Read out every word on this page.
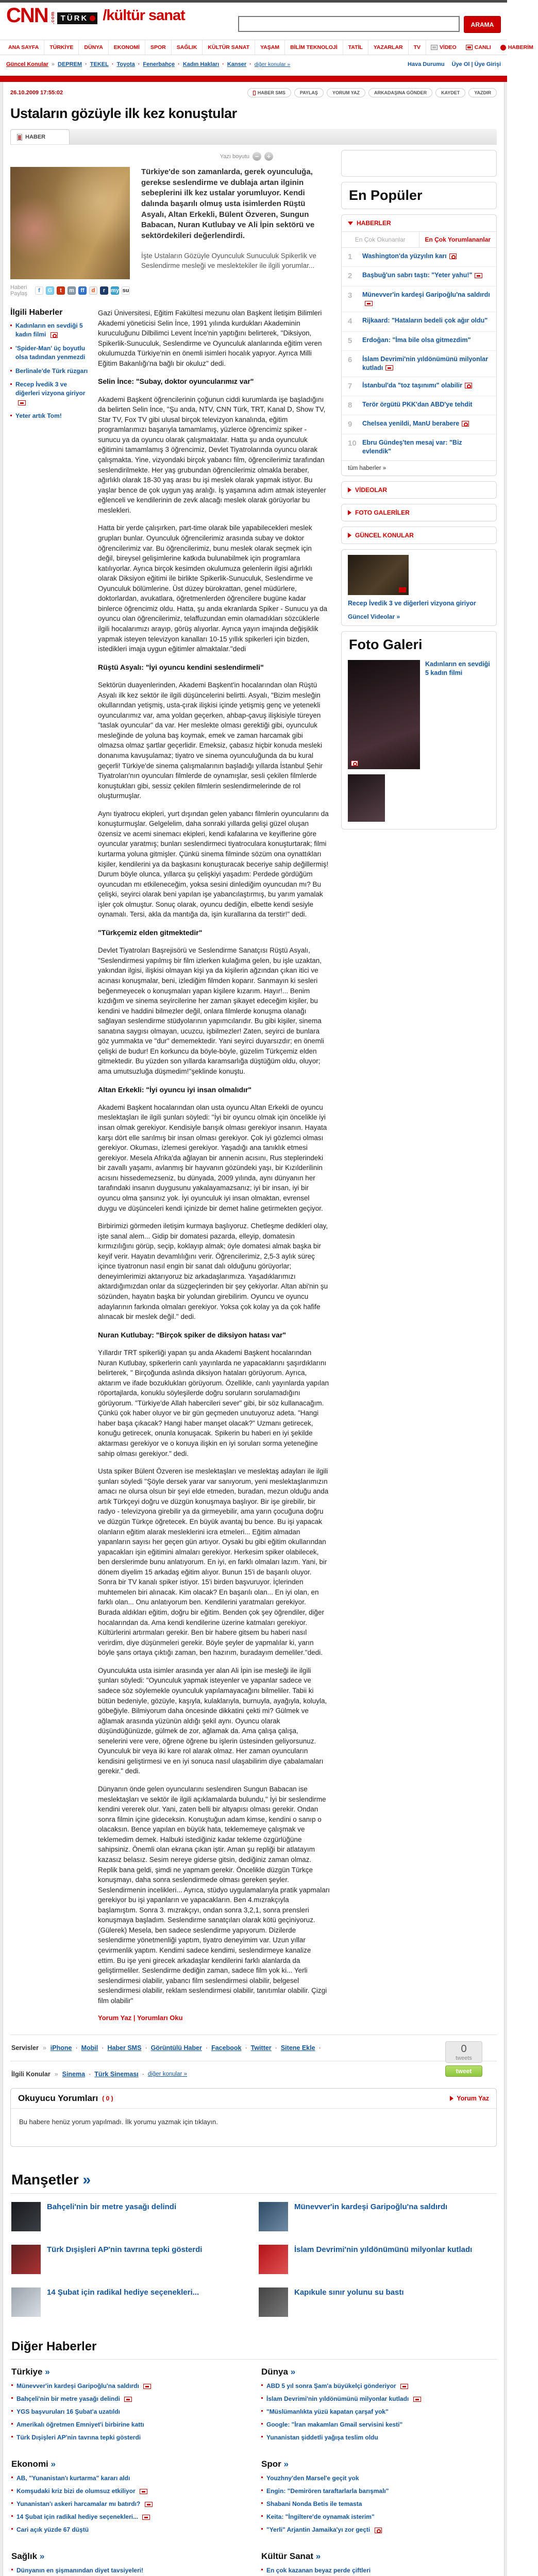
CNN .com TÜRK /kültür sanat
ARAMA
ANA SAYFA	TÜRKİYE	DÜNYA	EKONOMİ	SPOR	SAĞLIK	KÜLTÜR SANAT	YAŞAM	BİLİM TEKNOLOJİ	TATİL	YAZARLAR	TV	VİDEO	CANLI	HABERİM
Güncel Konular » DEPREM · TEKEL · Toyota · Fenerbahçe · Kadın Hakları · Kanser · diğer konular »	Hava Durumu Üye Ol | Üye Girişi
26.10.2009 17:55:02	HABER SMS	PAYLAŞ	YORUM YAZ	ARKADAŞINA GÖNDER	KAYDET	YAZDIR
Ustaların gözüyle ilk kez konuştular
HABER
Yazı boyutu −	+
Haberi Paylaş	f	G	t	m	ff	d	r my su
Türkiye'de son zamanlarda, gerek oyunculuğa, gerekse seslendirme ve dublaja artan ilginin sebeplerini ilk kez ustalar yorumluyor. Kendi dalında başarılı olmuş usta isimlerden Rüştü Asyalı, Altan Erkekli, Bülent Özveren, Sungun Babacan, Nuran Kutlubay ve Ali İpin sektörü ve sektördekileri değerlendirdi.
İşte Ustaların Gözüyle Oyunculuk Sunuculuk Spikerlik ve Seslendirme mesleği ve meslektekiler ile ilgili yorumlar...
İlgili Haberler
Kadınların en sevdiği 5 kadın filmi
'Spider-Man' üç boyutlu olsa tadından yenmezdi
Berlinale'de Türk rüzgarı
Recep İvedik 3 ve diğerleri vizyona giriyor
Yeter artık Tom!

Gazi Üniversitesi, Eğitim Fakültesi mezunu olan Başkent İletişim Bilimleri Akademi yöneticisi Selin İnce, 1991 yılında kurdukları Akademinin kuruculuğunu Dilbilimci Levent İnce'nin yaptığını belirterek, ''Diksiyon, Spikerlik-Sunuculuk, Seslendirme ve Oyunculuk alanlarında eğitim veren okulumuzda Türkiye'nin en önemli isimleri hocalık yapıyor. Ayrıca Milli Eğitim Bakanlığı'na bağlı bir okuluz'' dedi.

Selin İnce: "Subay, doktor oyuncularımız var"

Akademi Başkent öğrencilerinin çoğunun ciddi kurumlarda işe başladığını da belirten Selin İnce, ''Şu anda, NTV, CNN Türk, TRT, Kanal D, Show TV, Star TV, Fox TV gibi ulusal birçok televizyon kanalında, eğitim programlarımızı başarıyla tamamlamış, yüzlerce öğrencimiz spiker - sunucu ya da oyuncu olarak çalışmaktalar. Hatta şu anda oyunculuk eğitimini tamamlamış 3 öğrencimiz, Devlet Tiyatrolarında oyuncu olarak çalışmakta. Yine, vizyondaki birçok yabancı film, öğrencilerimiz tarafından seslendirilmekte. Her yaş grubundan öğrencilerimiz olmakla beraber, ağırlıklı olarak 18-30 yaş arası bu işi meslek olarak yapmak istiyor. Bu yaşlar bence de çok uygun yaş aralığı. İş yaşamına adım atmak isteyenler eğlenceli ve kendilerinin de zevk alacağı meslek olarak görüyorlar bu meslekleri.

Hatta bir yerde çalışırken, part-time olarak bile yapabilecekleri meslek grupları bunlar. Oyunculuk öğrencilerimiz arasında subay ve doktor öğrencilerimiz var. Bu öğrencilerimiz, bunu meslek olarak seçmek için değil, bireysel gelişimlerine katkıda bulunabilmek için programlara katılıyorlar. Ayrıca birçok kesimden okulumuza gelenlerin ilgisi ağırlıklı olarak Diksiyon eğitimi ile birlikte Spikerlik-Sunuculuk, Seslendirme ve Oyunculuk bölümlerine. Üst düzey bürokrattan, genel müdürlere, doktorlardan, avukatlara, öğretmenlerden öğrencilere bugüne kadar binlerce öğrencimiz oldu. Hatta, şu anda ekranlarda Spiker - Sunucu ya da oyuncu olan öğrencilerimiz, telaffuzundan emin olamadıkları sözcüklerle ilgili hocalarımızı arayıp, görüş alıyorlar. Ayrıca yayın imajında değişiklik yapmak isteyen televizyon kanalları 10-15 yıllık spikerleri için bizden, istedikleri imaja uygun eğitimler almaktalar.''dedi

Rüştü Asyalı: "İyi oyuncu kendini seslendirmeli"

Sektörün duayenlerinden, Akademi Başkent'in hocalarından olan Rüştü Asyalı ilk kez sektör ile ilgili düşüncelerini belirtti. Asyalı, "Bizim mesleğin okullarından yetişmiş, usta-çırak ilişkisi içinde yetişmiş genç ve yetenekli oyuncularımız var, ama yoldan geçerken, ahbap-çavuş ilişkisiyle türeyen "taslak oyuncular" da var. Her meslekte olması gerektiği gibi, oyunculuk mesleğinde de yoluna baş koymak, emek ve zaman harcamak gibi olmazsa olmaz şartlar geçerlidir. Emeksiz, çabasız hiçbir konuda mesleki donanıma kavuşulamaz; tiyatro ve sinema oyunculuğunda da bu kural geçerli! Türkiye'de sinema çalışmalarının başladığı yıllarda İstanbul Şehir Tiyatroları'nın oyuncuları filmlerde de oynamışlar, sesli çekilen filmlerde konuştukları gibi, sessiz çekilen filmlerin seslendirmelerinde de rol oluşturmuşlar.

Aynı tiyatrocu ekipleri, yurt dışından gelen yabancı filmlerin oyuncularını da konuşturmuşlar. Gelgelelim, daha sonraki yıllarda gelişi güzel oluşan özensiz ve acemi sinemacı ekipleri, kendi kafalarına ve keyiflerine göre oyuncular yaratmış; bunları seslendirmeci tiyatroculara konuşturtarak; filmi kurtarma yoluna gitmişler. Çünkü sinema filminde sözüm ona oynattıkları kişiler, kendilerini ya da başkasını konuşturacak beceriye sahip değillermiş! Durum böyle olunca, yıllarca şu çelişkiyi yaşadım: Perdede gördüğüm oyuncudan mı etkileneceğim, yoksa sesini dinlediğim oyuncudan mı? Bu çelişki, seyirci olarak beni yapılan işe yabancılaştırmış, bu yarım yamalak işler çok olmuştur. Sonuç olarak, oyuncu dediğin, elbette kendi sesiyle oynamalı. Tersi, akla da mantığa da, işin kurallarına da terstir!" dedi.

"Türkçemiz elden gitmektedir"

Devlet Tiyatroları Başrejisörü ve Seslendirme Sanatçısı Rüştü Asyalı, "Seslendirmesi yapılmış bir film izlerken kulağıma gelen, bu işle uzaktan, yakından ilgisi, ilişkisi olmayan kişi ya da kişilerin ağzından çıkan itici ve acınası konuşmalar, beni, izlediğim filmden koparır. Sanmayın ki sesleri beğenmeyecek o konuşmaları yapan kişilere kızarım. Hayır!... Benim kızdığım ve sinema seyircilerine her zaman şikayet edeceğim kişiler, bu kendini ve haddini bilmezler değil, onlara filmlerde konuşma olanağı sağlayan seslendirme stüdyolarının yapımcılarıdır. Bu gibi kişiler, sinema sanatına saygısı olmayan, ucuzcu, işbilmezler! Zaten, seyirci de bunlara göz yummakta ve "dur" dememektedir. Yani seyirci duyarsızdır; en önemli çelişki de budur! En korkuncu da böyle-böyle, güzelim Türkçemiz elden gitmektedir. Bu yüzden son yıllarda karamsarlığa düştüğüm oldu, oluyor; ama umutsuzluğa düşmedim!''şeklinde konuştu.

Altan Erkekli: "İyi oyuncu iyi insan olmalıdır"

Akademi Başkent hocalarından olan usta oyuncu Altan Erkekli de oyuncu meslektaşları ile ilgili şunları söyledi: ''İyi bir oyuncu olmak için öncelikle iyi insan olmak gerekiyor. Kendisiyle barışık olması gerekiyor insanın. Hayata karşı dört elle sarılmış bir insan olması gerekiyor. Çok iyi gözlemci olması gerekiyor. Okuması, izlemesi gerekiyor. Yaşadığı ana tanıklık etmesi gerekiyor. Mesela Afrika'da ağlayan bir annenin acısını, Rus steplerindeki bir zavallı yaşamı, avlanmış bir hayvanın gözündeki yaşı, bir Kızılderilinin acısını hissedemezseniz, bu dünyada, 2009 yılında, aynı dünyanın her tarafındaki insanın duygusunu yakalayamazsanız; iyi bir insan, iyi bir oyuncu olma şansınız yok. İyi oyunculuk iyi insan olmaktan, evrensel duygu ve düşünceleri kendi içinizde bir demet haline getirmekten geçiyor.

Birbirimizi görmeden iletişim kurmaya başlıyoruz. Chetleşme dedikleri olay, işte sanal alem... Gidip bir domatesi pazarda, elleyip, domatesin kırmızılığını görüp, seçip, koklayıp almak; öyle domatesi almak başka bir keyif verir. Hayatın devamlılığını verir. Öğrencilerimiz, 2,5-3 aylık süreç içince tiyatronun nasıl engin bir sanat dalı olduğunu görüyorlar; deneyimlerimizi aktarıyoruz biz arkadaşlarımıza. Yaşadıklarımızı aktardığımızdan onlar da süzgeçlerinden bir şey çekiyorlar. Altan abi'nin şu sözünden, hayatın başka bir yolundan girebilirim. Oyuncu ve oyuncu adaylarının farkında olmaları gerekiyor. Yoksa çok kolay ya da çok hafife alınacak bir meslek değil.'' dedi.

Nuran Kutlubay: "Birçok spiker de diksiyon hatası var"

Yıllardır TRT spikerliği yapan şu anda Akademi Başkent hocalarından Nuran Kutlubay, spikerlerin canlı yayınlarda ne yapacaklarını şaşırdıklarını belirterek, " Birçoğunda aslında diksiyon hataları görüyorum. Ayrıca, aktarım ve ifade bozuklukları görüyorum. Özellikle, canlı yayınlarda yapılan röportajlarda, konuklu söyleşilerde doğru soruların sorulamadığını görüyorum. "Türkiye'de Allah habercileri sever" gibi, bir söz kullanacağım. Çünkü çok haber oluyor ve bir gün geçmeden unutuyoruz adeta. "Hangi haber başa çıkacak? Hangi haber manşet olacak?" Uzmanı getirecek, konuğu getirecek, onunla konuşacak. Spikerin bu haberi en iyi şekilde aktarması gerekiyor ve o konuya ilişkin en iyi soruları sorma yeteneğine sahip olması gerekiyor." dedi.

Usta spiker Bülent Özveren ise meslektaşları ve meslektaş adayları ile ilgili şunları söyledi ''Şöyle dersek yarar var sanıyorum, yeni meslektaşlarımızın amacı ne olursa olsun bir şeyi elde etmeden, buradan, mezun olduğu anda artık Türkçeyi doğru ve düzgün konuşmaya başlıyor. Bir işe girebilir, bir radyo - televizyona girebilir ya da girmeyebilir, ama yarın çocuğuna doğru ve düzgün Türkçe öğretecek. En büyük avantaj bu bence. Bu işi yapacak olanların eğitim alarak mesleklerini icra etmeleri... Eğitim almadan yapanların sayısı her geçen gün artıyor. Oysaki bu gibi eğitim okullarından yapacakları işin eğitimini almaları gerekiyor. Herkesim spiker olabilecek, ben derslerimde bunu anlatıyorum. En iyi, en farklı olmaları lazım. Yani, bir dönem diyelim 15 arkadaş eğitim alıyor. Bunun 15'i de başarılı oluyor. Sonra bir TV kanalı spiker istiyor. 15'i birden başvuruyor. İçlerinden muhtemelen biri alınacak. Kim olacak? En başarılı olan... En iyi olan, en farklı olan... Onu anlatıyorum ben. Kendilerini yaratmaları gerekiyor. Burada aldıkları eğitim, doğru bir eğitim. Benden çok şey öğrendiler, diğer hocalarından da. Ama kendi kendilerine üzerine katmaları gerekiyor. Kültürlerini artırmaları gerekir. Ben bir habere gitsem bu haberi nasıl verirdim, diye düşünmeleri gerekir. Böyle şeyler de yapmalılar ki, yarın böyle şans ortaya çıktığı zaman, ben hazırım, buradayım demeliler.''dedi.

Oyunculukta usta isimler arasında yer alan Ali İpin ise mesleği ile ilgili şunları söyledi: "Oyunculuk yapmak isteyenler ve yapanlar sadece ve sadece söz söylemekle oyunculuk yapılamayacağını bilmeliler. Tabii ki bütün bedeniyle, gözüyle, kaşıyla, kulaklarıyla, burnuyla, ayağıyla, koluyla, göbeğiyle. Bilmiyorum daha öncesinde dikkatini çekti mi? Gülmek ve ağlamak arasında yüzünün aldığı şekil aynı. Oyuncu olarak düşündüğünüzde, gülmek de zor, ağlamak da. Ama çalışa çalışa, senelerini vere vere, öğrene öğrene bu işlerin üstesinden geliyorsunuz. Oyunculuk bir veya iki kare rol alarak olmaz. Her zaman oyuncuların kendisini geliştirmesi ve en iyi sonuca nasıl ulaşabilirim diye çabalamaları gerekir." dedi.

Dünyanın önde gelen oyuncularını seslendiren Sungun Babacan ise meslektaşları ve sektör ile ilgili açıklamalarda bulundu,'' İyi bir seslendirme kendini vererek olur. Yani, zaten belli bir altyapısı olması gerekir. Ondan sonra filmin içine gideceksin. Konuştuğun adam kimse, kendini o sanıp o olacaksın. Bence yapılan en büyük hata, teklememeye çalışmak ve teklemedim demek. Halbuki istediğiniz kadar tekleme özgürlüğüne sahipsiniz. Önemli olan ekrana çıkan iştir. Aman şu repliği bir atlatayım kazasız belasız. Sesim nereye giderse gitsin, dediğiniz zaman olmaz. Replik bana geldi, şimdi ne yapmam gerekir. Öncelikle düzgün Türkçe konuşmayı, daha sonra seslendirmede olması gereken şeyler. Seslendirmenin incelikleri... Ayrıca, stüdyo uygulamalarıyla pratik yapmaları gerekiyor bu işi yapanların ve yapacakların. Ben 4.mızrakçıyla başlamıştım. Sonra 3. mızrakçıyı, ondan sonra 3,2,1, sonra prensleri konuşmaya başladım. Seslendirme sanatçıları olarak kötü geçiniyoruz. (Gülerek) Mesela, ben sadece seslendirme yapıyorum. Dizilerde seslendirme yönetmenliği yaptım, tiyatro deneyimim var. Uzun yıllar çevirmenlik yaptım. Kendimi sadece kendimi, seslendirmeye kanalize ettim. Bu işe yeni girecek arkadaşlar kendilerini farklı alanlarda da geliştirmeliler. Seslendirme dediğin zaman, sadece film yok ki... Yerli seslendirmesi olabilir, yabancı film seslendirmesi olabilir, belgesel seslendirmesi olabilir, reklam seslendirmesi olabilir, tanıtımlar olabilir. Çizgi film olabilir"

Yorum Yaz | Yorumları Oku
En Popüler
HABERLER
En Çok Okunanlar	En Çok Yorumlananlar
1	Washington'da yüzyılın karı
2	Başbuğ'un sabrı taştı: "Yeter yahu!"
3	Münevver'in kardeşi Garipoğlu'na saldırdı
4	Rijkaard: "Hataların bedeli çok ağır oldu"
5	Erdoğan: "İma bile olsa gitmezdim"
6	İslam Devrimi'nin yıldönümünü milyonlar kutladı
7	İstanbul'da "toz taşınımı" olabilir
8	Terör örgütü PKK'dan ABD'ye tehdit
9	Chelsea yenildi, ManU berabere
10 Ebru Gündeş'ten mesaj var: "Biz evlendik"
tüm haberler »
VİDEOLAR
FOTO GALERİLER
GÜNCEL KONULAR
Recep İvedik 3 ve diğerleri vizyona giriyor
Güncel Videolar »
Foto Galeri
Kadınların en sevdiği 5 kadın filmi
Servisler » iPhone · Mobil · Haber SMS · Görüntülü Haber · Facebook · Twitter · Sitene Ekle ·	0
tweets
tweet
İlgili Konular » Sinema · Türk Sineması · diğer konular »
Okuyucu Yorumları ( 0 )	Yorum Yaz
Bu habere henüz yorum yapılmadı. İlk yorumu yazmak için tıklayın.
Manşetler »
Bahçeli'nin bir metre yasağı delindi	Münevver'in kardeşi Garipoğlu'na saldırdı
Türk Dışişleri AP'nin tavrına tepki gösterdi	İslam Devrimi'nin yıldönümünü milyonlar kutladı
14 Şubat için radikal hediye seçenekleri...	Kapıkule sınır yolunu su bastı
Diğer Haberler
Türkiye »
Münevver'in kardeşi Garipoğlu'na saldırdı
Bahçeli'nin bir metre yasağı delindi
YGS başvuruları 16 Şubat'a uzatıldı
Amerikalı öğretmen Emniyet'i birbirine kattı
Türk Dışişleri AP'nin tavrına tepki gösterdi
Dünya »
ABD 5 yıl sonra Şam'a büyükelçi gönderiyor
İslam Devrimi'nin yıldönümünü milyonlar kutladı
"Müslümanlıkta yüzü kapatan çarşaf yok"
Google: "İran makamları Gmail servisini kesti"
Yunanistan şiddetli yağışa teslim oldu
Ekonomi »
AB, "Yunanistan'ı kurtarma" kararı aldı
Komşudaki kriz bizi de olumsuz etkiliyor
Yunanistan'ı askeri harcamalar mı batırdı?
14 Şubat için radikal hediye seçenekleri...
Cari açık yüzde 67 düştü
Spor »
Youzhny'den Marsel'e geçit yok
Engin: "Demirören taraftarlarla barışmalı"
Shabani Nonda Betis ile temasta
Keita: "İngiltere'de oynamak isterim"
"Yerli" Arjantin Jamaika'yı zor geçti
Sağlık »
Dünyanın en şişmanından diyet tavsiyeleri!
Kültür Sanat »
En çok kazanan beyaz perde çiftleri
